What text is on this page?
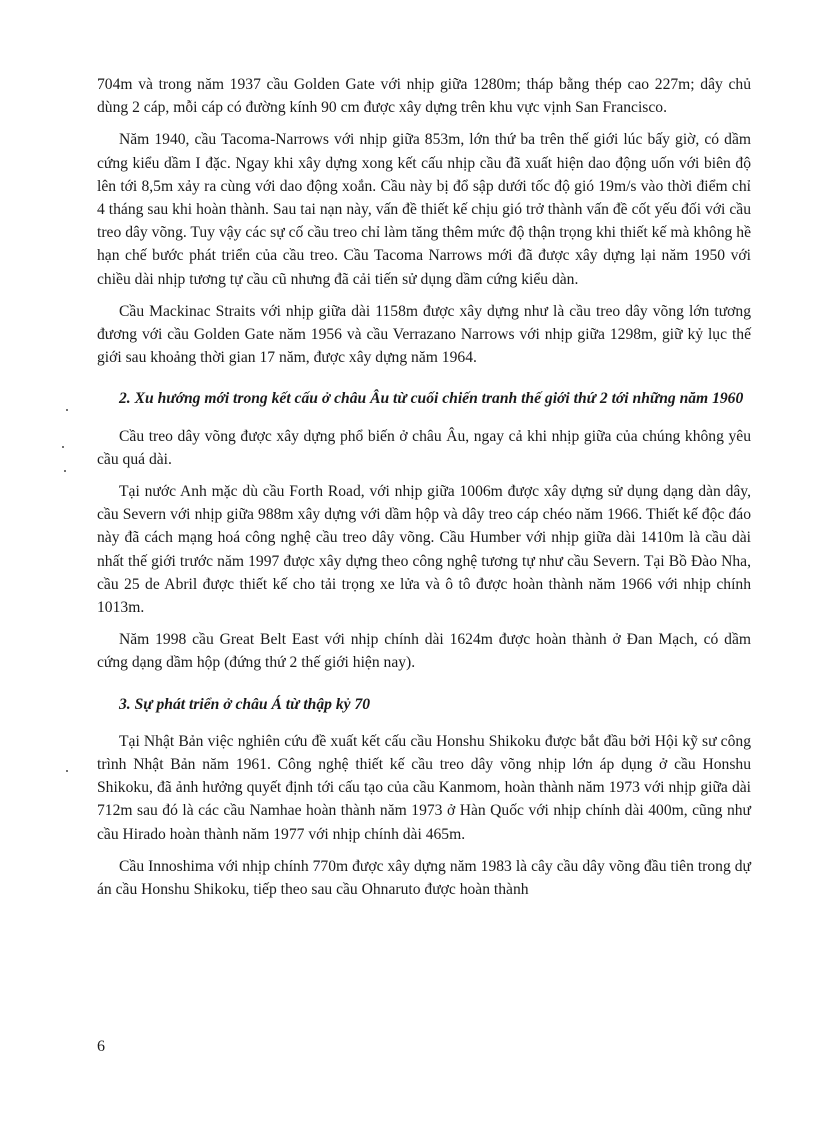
704m và trong năm 1937 cầu Golden Gate với nhịp giữa 1280m; tháp bằng thép cao 227m; dây chủ dùng 2 cáp, mỗi cáp có đường kính 90 cm được xây dựng trên khu vực vịnh San Francisco.

Năm 1940, cầu Tacoma-Narrows với nhịp giữa 853m, lớn thứ ba trên thế giới lúc bấy giờ, có dầm cứng kiểu dầm I đặc. Ngay khi xây dựng xong kết cấu nhịp cầu đã xuất hiện dao động uốn với biên độ lên tới 8,5m xảy ra cùng với dao động xoắn. Cầu này bị đổ sập dưới tốc độ gió 19m/s vào thời điểm chỉ 4 tháng sau khi hoàn thành. Sau tai nạn này, vấn đề thiết kế chịu gió trở thành vấn đề cốt yếu đối với cầu treo dây võng. Tuy vậy các sự cố cầu treo chỉ làm tăng thêm mức độ thận trọng khi thiết kế mà không hề hạn chế bước phát triển của cầu treo. Cầu Tacoma Narrows mới đã được xây dựng lại năm 1950 với chiều dài nhịp tương tự cầu cũ nhưng đã cải tiến sử dụng dầm cứng kiểu dàn.

Cầu Mackinac Straits với nhịp giữa dài 1158m được xây dựng như là cầu treo dây võng lớn tương đương với cầu Golden Gate năm 1956 và cầu Verrazano Narrows với nhịp giữa 1298m, giữ kỷ lục thế giới sau khoảng thời gian 17 năm, được xây dựng năm 1964.

2. Xu hướng mới trong kết cấu ở châu Âu từ cuối chiến tranh thế giới thứ 2 tới những năm 1960

Cầu treo dây võng được xây dựng phổ biến ở châu Âu, ngay cả khi nhịp giữa của chúng không yêu cầu quá dài.

Tại nước Anh mặc dù cầu Forth Road, với nhịp giữa 1006m được xây dựng sử dụng dạng dàn dây, cầu Severn với nhịp giữa 988m xây dựng với dầm hộp và dây treo cáp chéo năm 1966. Thiết kế độc đáo này đã cách mạng hoá công nghệ cầu treo dây võng. Cầu Humber với nhịp giữa dài 1410m là cầu dài nhất thế giới trước năm 1997 được xây dựng theo công nghệ tương tự như cầu Severn. Tại Bồ Đào Nha, cầu 25 de Abril được thiết kế cho tải trọng xe lửa và ô tô được hoàn thành năm 1966 với nhịp chính 1013m.

Năm 1998 cầu Great Belt East với nhịp chính dài 1624m được hoàn thành ở Đan Mạch, có dầm cứng dạng dầm hộp (đứng thứ 2 thế giới hiện nay).

3. Sự phát triển ở châu Á từ thập kỷ 70

Tại Nhật Bản việc nghiên cứu đề xuất kết cấu cầu Honshu Shikoku được bắt đầu bởi Hội kỹ sư công trình Nhật Bản năm 1961. Công nghệ thiết kế cầu treo dây võng nhịp lớn áp dụng ở cầu Honshu Shikoku, đã ảnh hưởng quyết định tới cấu tạo của cầu Kanmom, hoàn thành năm 1973 với nhịp giữa dài 712m sau đó là các cầu Namhae hoàn thành năm 1973 ở Hàn Quốc với nhịp chính dài 400m, cũng như cầu Hirado hoàn thành năm 1977 với nhịp chính dài 465m.

Cầu Innoshima với nhịp chính 770m được xây dựng năm 1983 là cây cầu dây võng đầu tiên trong dự án cầu Honshu Shikoku, tiếp theo sau cầu Ohnaruto được hoàn thành

6
